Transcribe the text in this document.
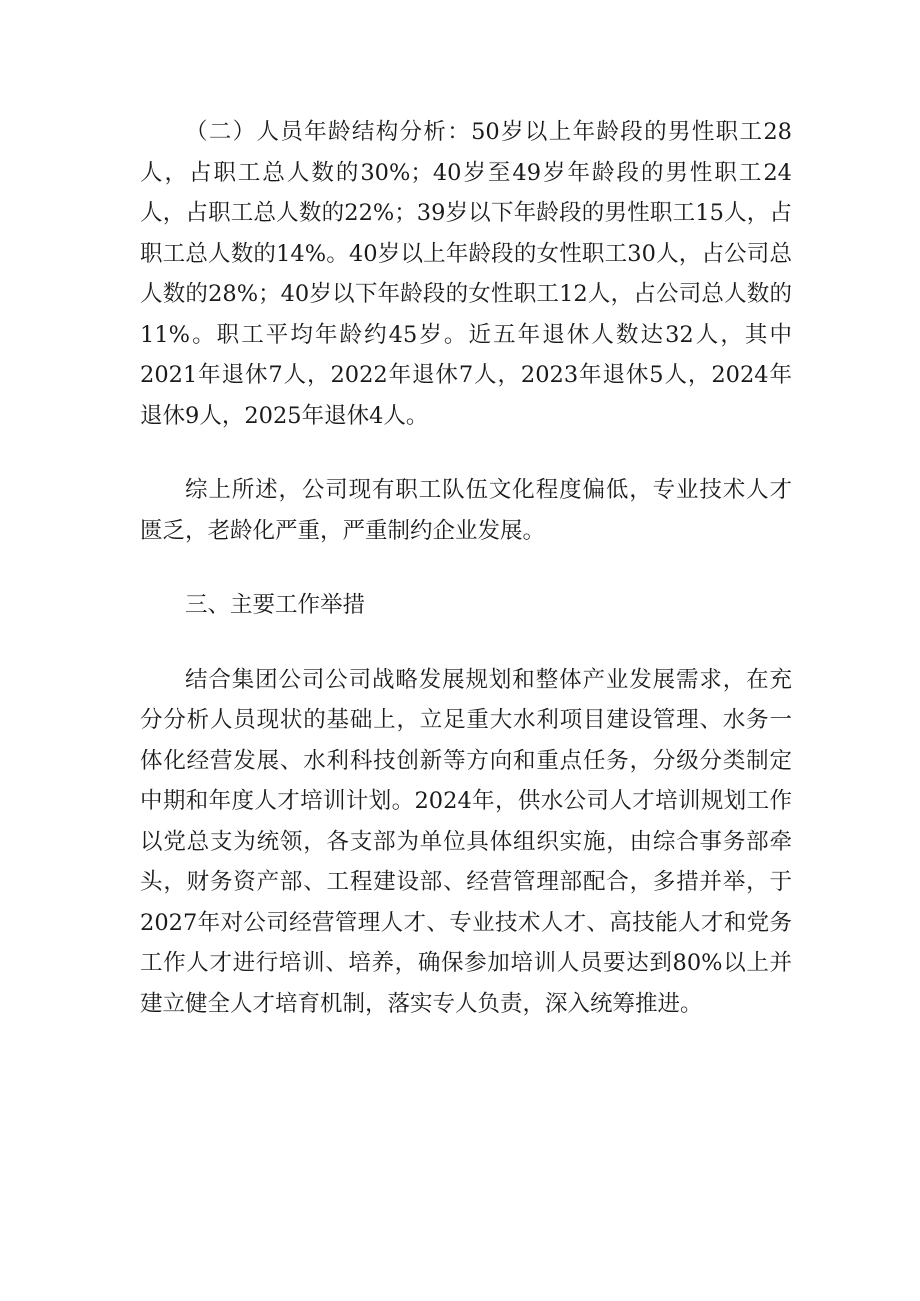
（二）人员年龄结构分析：50岁以上年龄段的男性职工28人，占职工总人数的30%；40岁至49岁年龄段的男性职工24人，占职工总人数的22%；39岁以下年龄段的男性职工15人，占职工总人数的14%。40岁以上年龄段的女性职工30人，占公司总人数的28%；40岁以下年龄段的女性职工12人，占公司总人数的11%。职工平均年龄约45岁。近五年退休人数达32人，其中2021年退休7人，2022年退休7人，2023年退休5人，2024年退休9人，2025年退休4人。

综上所述，公司现有职工队伍文化程度偏低，专业技术人才匮乏，老龄化严重，严重制约企业发展。

三、主要工作举措

结合集团公司公司战略发展规划和整体产业发展需求，在充分分析人员现状的基础上，立足重大水利项目建设管理、水务一体化经营发展、水利科技创新等方向和重点任务，分级分类制定中期和年度人才培训计划。2024年，供水公司人才培训规划工作以党总支为统领，各支部为单位具体组织实施，由综合事务部牵头，财务资产部、工程建设部、经营管理部配合，多措并举，于2027年对公司经营管理人才、专业技术人才、高技能人才和党务工作人才进行培训、培养，确保参加培训人员要达到80%以上并建立健全人才培育机制，落实专人负责，深入统筹推进。
